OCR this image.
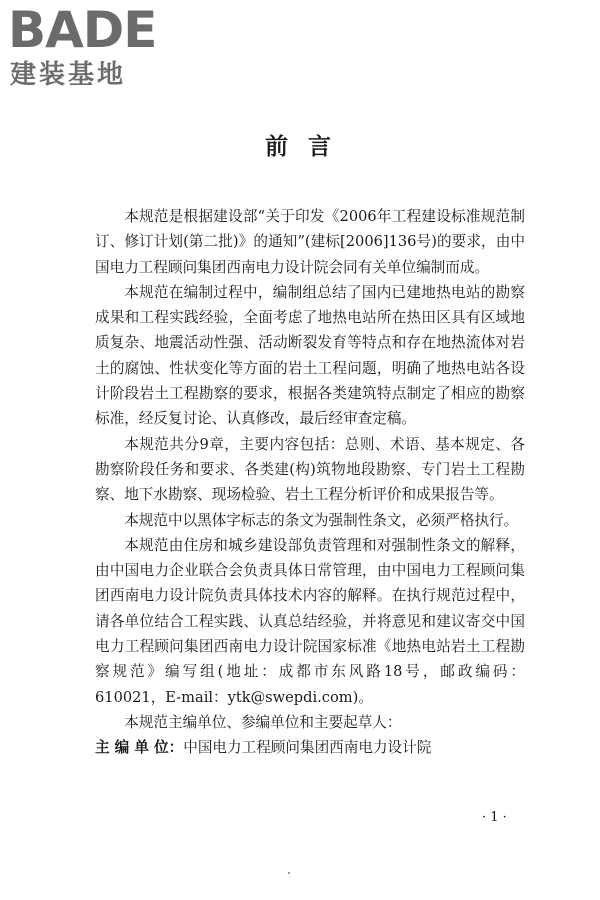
BADE
建装基地
前言

本规范是根据建设部“关于印发《2006年工程建设标准规范制订、修订计划(第二批)》的通知”(建标[2006]136号)的要求，由中国电力工程顾问集团西南电力设计院会同有关单位编制而成。

本规范在编制过程中，编制组总结了国内已建地热电站的勘察成果和工程实践经验，全面考虑了地热电站所在热田区具有区域地质复杂、地震活动性强、活动断裂发育等特点和存在地热流体对岩土的腐蚀、性状变化等方面的岩土工程问题，明确了地热电站各设计阶段岩土工程勘察的要求，根据各类建筑特点制定了相应的勘察标准，经反复讨论、认真修改，最后经审查定稿。

本规范共分9章，主要内容包括：总则、术语、基本规定、各勘察阶段任务和要求、各类建(构)筑物地段勘察、专门岩土工程勘察、地下水勘察、现场检验、岩土工程分析评价和成果报告等。

本规范中以黑体字标志的条文为强制性条文，必须严格执行。

本规范由住房和城乡建设部负责管理和对强制性条文的解释，由中国电力企业联合会负责具体日常管理，由中国电力工程顾问集团西南电力设计院负责具体技术内容的解释。在执行规范过程中，请各单位结合工程实践、认真总结经验，并将意见和建议寄交中国电力工程顾问集团西南电力设计院国家标准《地热电站岩土工程勘察规范》编写组(地址：成都市东风路18号，邮政编码：610021，E-mail：ytk@swepdi.com)。

本规范主编单位、参编单位和主要起草人：

主 编 单 位：中国电力工程顾问集团西南电力设计院

· 1 ·
